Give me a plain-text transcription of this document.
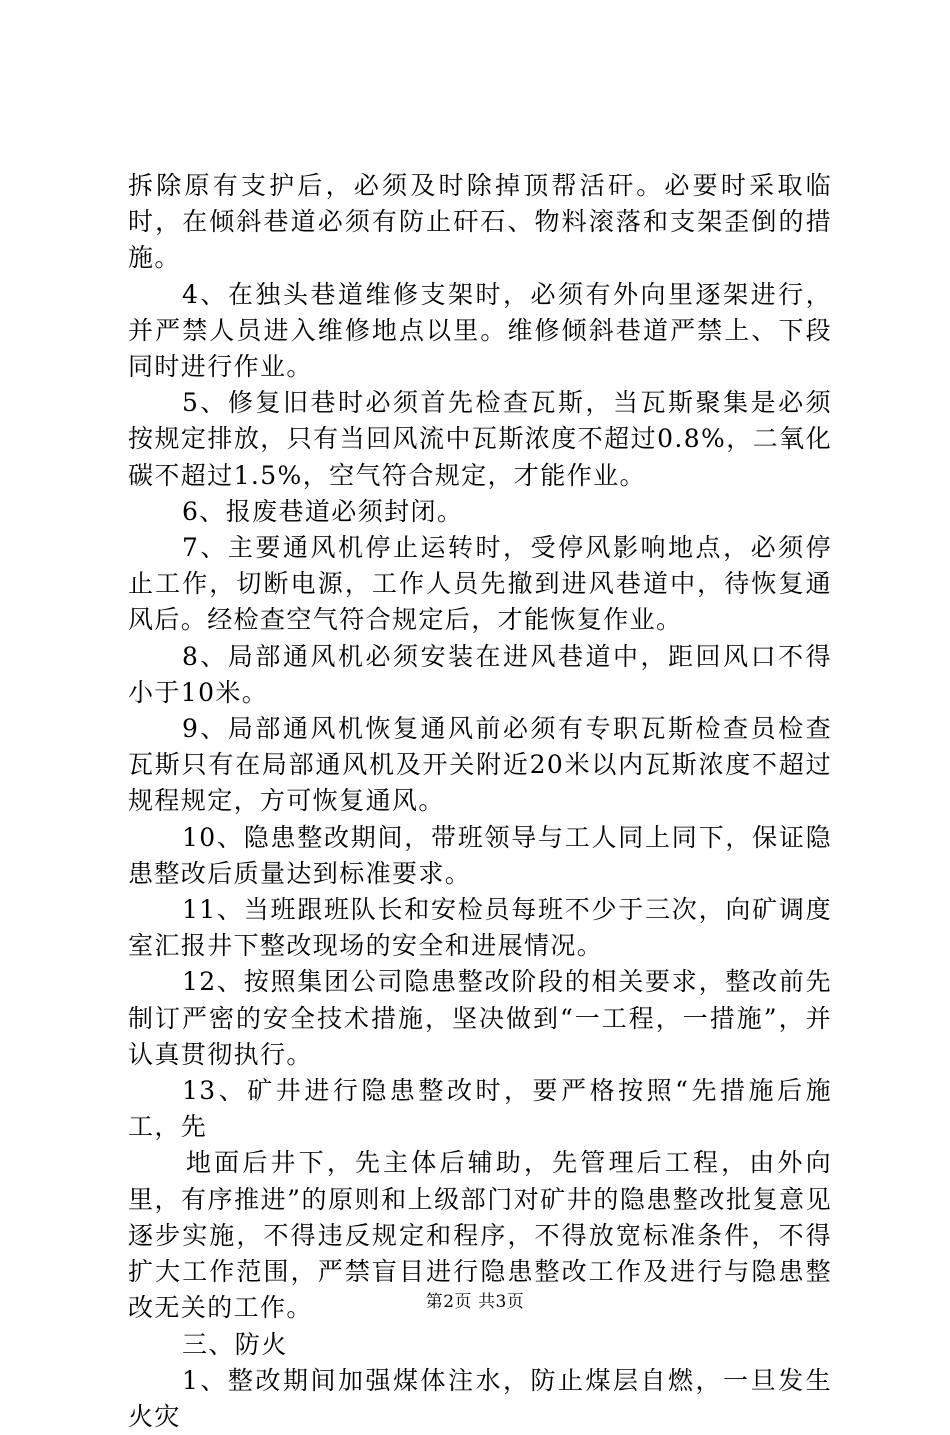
拆除原有支护后，必须及时除掉顶帮活矸。必要时采取临时，在倾斜巷道必须有防止矸石、物料滚落和支架歪倒的措施。

4、在独头巷道维修支架时，必须有外向里逐架进行，并严禁人员进入维修地点以里。维修倾斜巷道严禁上、下段同时进行作业。

5、修复旧巷时必须首先检查瓦斯，当瓦斯聚集是必须按规定排放，只有当回风流中瓦斯浓度不超过0.8%，二氧化碳不超过1.5%，空气符合规定，才能作业。

6、报废巷道必须封闭。

7、主要通风机停止运转时，受停风影响地点，必须停止工作，切断电源，工作人员先撤到进风巷道中，待恢复通风后。经检查空气符合规定后，才能恢复作业。

8、局部通风机必须安装在进风巷道中，距回风口不得小于10米。

9、局部通风机恢复通风前必须有专职瓦斯检查员检查瓦斯只有在局部通风机及开关附近20米以内瓦斯浓度不超过规程规定，方可恢复通风。

10、隐患整改期间，带班领导与工人同上同下，保证隐患整改后质量达到标准要求。

11、当班跟班队长和安检员每班不少于三次，向矿调度室汇报井下整改现场的安全和进展情况。

12、按照集团公司隐患整改阶段的相关要求，整改前先制订严密的安全技术措施，坚决做到“一工程，一措施”，并认真贯彻执行。

13、矿井进行隐患整改时，要严格按照“先措施后施工，先

地面后井下，先主体后辅助，先管理后工程，由外向里，有序推进”的原则和上级部门对矿井的隐患整改批复意见逐步实施，不得违反规定和程序，不得放宽标准条件，不得扩大工作范围，严禁盲目进行隐患整改工作及进行与隐患整改无关的工作。

三、防火

1、整改期间加强煤体注水，防止煤层自燃，一旦发生火灾

第2页 共3页
